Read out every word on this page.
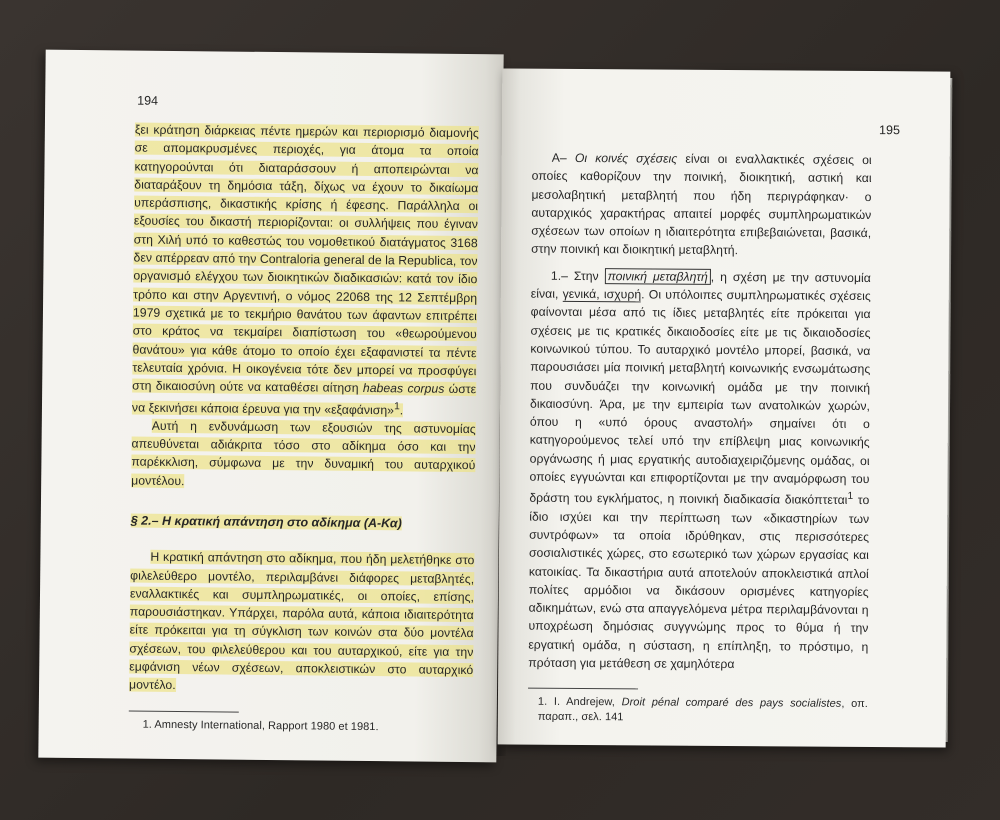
194

ξει κράτηση διάρκειας πέντε ημερών και περιορισμό διαμονής σε απομακρυσμένες περιοχές, για άτομα τα οποία κατηγορούνται ότι διαταράσσουν ή αποπειρώνται να διαταράξουν τη δημόσια τάξη, δίχως να έχουν το δικαίωμα υπεράσπισης, δικαστικής κρίσης ή έφεσης. Παράλληλα οι εξουσίες του δικαστή περιορίζονται: οι συλλήψεις που έγιναν στη Χιλή υπό το καθεστώς του νομοθετικού διατάγματος 3168 δεν απέρρεαν από την Contraloria general de la Republica, τον οργανισμό ελέγχου των διοικητικών διαδικασιών: κατά τον ίδιο τρόπο και στην Αργεντινή, ο νόμος 22068 της 12 Σεπτέμβρη 1979 σχετικά με το τεκμήριο θανάτου των άφαντων επιτρέπει στο κράτος να τεκμαίρει διαπίστωση του «θεωρούμενου θανάτου» για κάθε άτομο το οποίο έχει εξαφανιστεί τα πέντε τελευταία χρόνια. Η οικογένεια τότε δεν μπορεί να προσφύγει στη δικαιοσύνη ούτε να καταθέσει αίτηση habeas corpus ώστε να ξεκινήσει κάποια έρευνα για την «εξαφάνιση»$^1$.

Αυτή η ενδυνάμωση των εξουσιών της αστυνομίας απευθύνεται αδιάκριτα τόσο στο αδίκημα όσο και την παρέκκλιση, σύμφωνα με την δυναμική του αυταρχικού μοντέλου.

§ 2.– Η κρατική απάντηση στο αδίκημα (Α-Κα)

Η κρατική απάντηση στο αδίκημα, που ήδη μελετήθηκε στο φιλελεύθερο μοντέλο, περιλαμβάνει διάφορες μεταβλητές, εναλλακτικές και συμπληρωματικές, οι οποίες, επίσης, παρουσιάστηκαν. Υπάρχει, παρόλα αυτά, κάποια ιδιαιτερότητα είτε πρόκειται για τη σύγκλιση των κοινών στα δύο μοντέλα σχέσεων, του φιλελεύθερου και του αυταρχικού, είτε για την εμφάνιση νέων σχέσεων, αποκλειστικών στο αυταρχικό μοντέλο.

1. Amnesty International, Rapport 1980 et 1981.

195

Α– Οι κοινές σχέσεις είναι οι εναλλακτικές σχέσεις οι οποίες καθορίζουν την ποινική, διοικητική, αστική και μεσολαβητική μεταβλητή που ήδη περιγράφηκαν· ο αυταρχικός χαρακτήρας απαιτεί μορφές συμπληρωματικών σχέσεων των οποίων η ιδιαιτερότητα επιβεβαιώνεται, βασικά, στην ποινική και διοικητική μεταβλητή.

1.– Στην ποινική μεταβλητή , η σχέση με την αστυνομία είναι, γενικά, ισχυρή. Οι υπόλοιπες συμπληρωματικές σχέσεις φαίνονται μέσα από τις ίδιες μεταβλητές είτε πρόκειται για σχέσεις με τις κρατικές δικαιοδοσίες είτε με τις δικαιοδοσίες κοινωνικού τύπου. Το αυταρχικό μοντέλο μπορεί, βασικά, να παρουσιάσει μία ποινική μεταβλητή κοινωνικής ενσωμάτωσης που συνδυάζει την κοινωνική ομάδα με την ποινική δικαιοσύνη. Άρα, με την εμπειρία των ανατολικών χωρών, όπου η «υπό όρους αναστολή» σημαίνει ότι ο κατηγορούμενος τελεί υπό την επίβλεψη μιας κοινωνικής οργάνωσης ή μιας εργατικής αυτοδιαχειριζόμενης ομάδας, οι οποίες εγγυώνται και επιφορτίζονται με την αναμόρφωση του δράστη του εγκλήματος, η ποινική διαδικασία διακόπτεται$^1$ το ίδιο ισχύει και την περίπτωση των «δικαστηρίων των συντρόφων» τα οποία ιδρύθηκαν, στις περισσότερες σοσιαλιστικές χώρες, στο εσωτερικό των χώρων εργασίας και κατοικίας. Τα δικαστήρια αυτά αποτελούν αποκλειστικά απλοί πολίτες αρμόδιοι να δικάσουν ορισμένες κατηγορίες αδικημάτων, ενώ στα απαγγελόμενα μέτρα περιλαμβάνονται η υποχρέωση δημόσιας συγγνώμης προς το θύμα ή την εργατική ομάδα, η σύσταση, η επίπληξη, το πρόστιμο, η πρόταση για μετάθεση σε χαμηλότερα

1. I. Andrejew, Droit pénal comparé des pays socialistes, οπ. παραπ., σελ. 141
